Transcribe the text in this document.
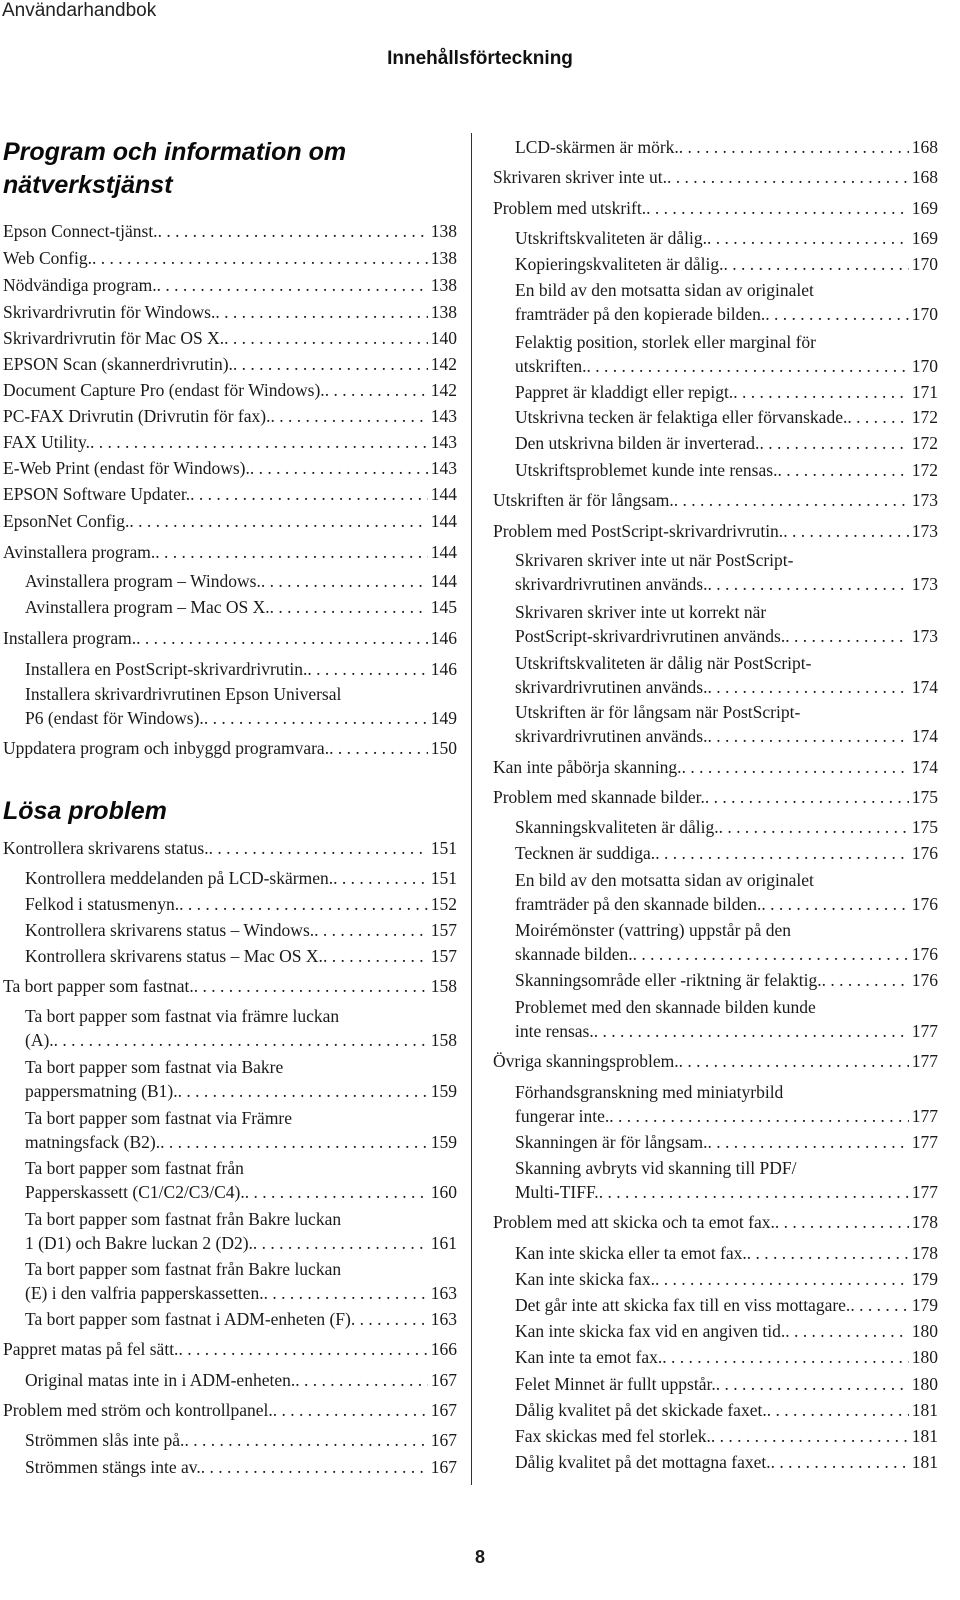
Användarhandbok
Innehållsförteckning
Program och information om
nätverkstjänst
Lösa problem
Epson Connect-tjänst. . . .	138
Web Config. . . .	138
Nödvändiga program. . . .	138
Skrivardrivrutin för Windows. . . .	138
Skrivardrivrutin för Mac OS X. . . .	140
EPSON Scan (skannerdrivrutin). . . .	142
Document Capture Pro (endast för Windows). . . .	142
PC-FAX Drivrutin (Drivrutin för fax). . . .	143
FAX Utility. . . .	143
E-Web Print (endast för Windows). . . .	143
EPSON Software Updater. . . .	144
EpsonNet Config. . . .	144
Avinstallera program. . . .	144
Avinstallera program – Windows. . . .	144
Avinstallera program – Mac OS X. . . .	145
Installera program. . . .	146
Installera en PostScript-skrivardrivrutin. . . .	146
Installera skrivardrivrutinen Epson Universal
P6 (endast för Windows). . . .	149
Uppdatera program och inbyggd programvara. . . .	150
Kontrollera skrivarens status. . . .	151
Kontrollera meddelanden på LCD-skärmen. . . .	151
Felkod i statusmenyn. . . .	152
Kontrollera skrivarens status – Windows. . . .	157
Kontrollera skrivarens status – Mac OS X. . . .	157
Ta bort papper som fastnat. . . .	158
Ta bort papper som fastnat via främre luckan
(A). . . .	158
Ta bort papper som fastnat via Bakre
pappersmatning (B1). . . .	159
Ta bort papper som fastnat via Främre
matningsfack (B2). . . .	159
Ta bort papper som fastnat från
Papperskassett (C1/C2/C3/C4). . . .	160
Ta bort papper som fastnat från Bakre luckan
1 (D1) och Bakre luckan 2 (D2). . . .	161
Ta bort papper som fastnat från Bakre luckan
(E) i den valfria papperskassetten. . . .	163
Ta bort papper som fastnat i ADM-enheten (F) . . .	163
Pappret matas på fel sätt. . . .	166
Original matas inte in i ADM-enheten. . . .	167
Problem med ström och kontrollpanel. . . .	167
Strömmen slås inte på. . . .	167
Strömmen stängs inte av. . . .	167
LCD-skärmen är mörk. . . .	168
Skrivaren skriver inte ut. . . .	168
Problem med utskrift. . . .	169
Utskriftskvaliteten är dålig. . . .	169
Kopieringskvaliteten är dålig. . . .	170
En bild av den motsatta sidan av originalet
framträder på den kopierade bilden. . . .	170
Felaktig position, storlek eller marginal för
utskriften. . . .	170
Pappret är kladdigt eller repigt. . . .	171
Utskrivna tecken är felaktiga eller förvanskade. . . .	172
Den utskrivna bilden är inverterad. . . .	172
Utskriftsproblemet kunde inte rensas. . . .	172
Utskriften är för långsam. . . .	173
Problem med PostScript-skrivardrivrutin. . . .	173
Skrivaren skriver inte ut när PostScript-
skrivardrivrutinen används. . . .	173
Skrivaren skriver inte ut korrekt när
PostScript-skrivardrivrutinen används. . . .	173
Utskriftskvaliteten är dålig när PostScript-
skrivardrivrutinen används. . . .	174
Utskriften är för långsam när PostScript-
skrivardrivrutinen används. . . .	174
Kan inte påbörja skanning. . . .	174
Problem med skannade bilder. . . .	175
Skanningskvaliteten är dålig. . . .	175
Tecknen är suddiga. . . .	176
En bild av den motsatta sidan av originalet
framträder på den skannade bilden. . . .	176
Moirémönster (vattring) uppstår på den
skannade bilden. . . .	176
Skanningsområde eller -riktning är felaktig. . . .	176
Problemet med den skannade bilden kunde
inte rensas. . . .	177
Övriga skanningsproblem. . . .	177
Förhandsgranskning med miniatyrbild
fungerar inte. . . .	177
Skanningen är för långsam. . . .	177
Skanning avbryts vid skanning till PDF/
Multi-TIFF. . . .	177
Problem med att skicka och ta emot fax. . . .	178
Kan inte skicka eller ta emot fax. . . .	178
Kan inte skicka fax. . . .	179
Det går inte att skicka fax till en viss mottagare. . . .	179
Kan inte skicka fax vid en angiven tid. . . .	180
Kan inte ta emot fax. . . .	180
Felet Minnet är fullt uppstår. . . .	180
Dålig kvalitet på det skickade faxet. . . .	181
Fax skickas med fel storlek. . . .	181
Dålig kvalitet på det mottagna faxet. . . .	181
8
